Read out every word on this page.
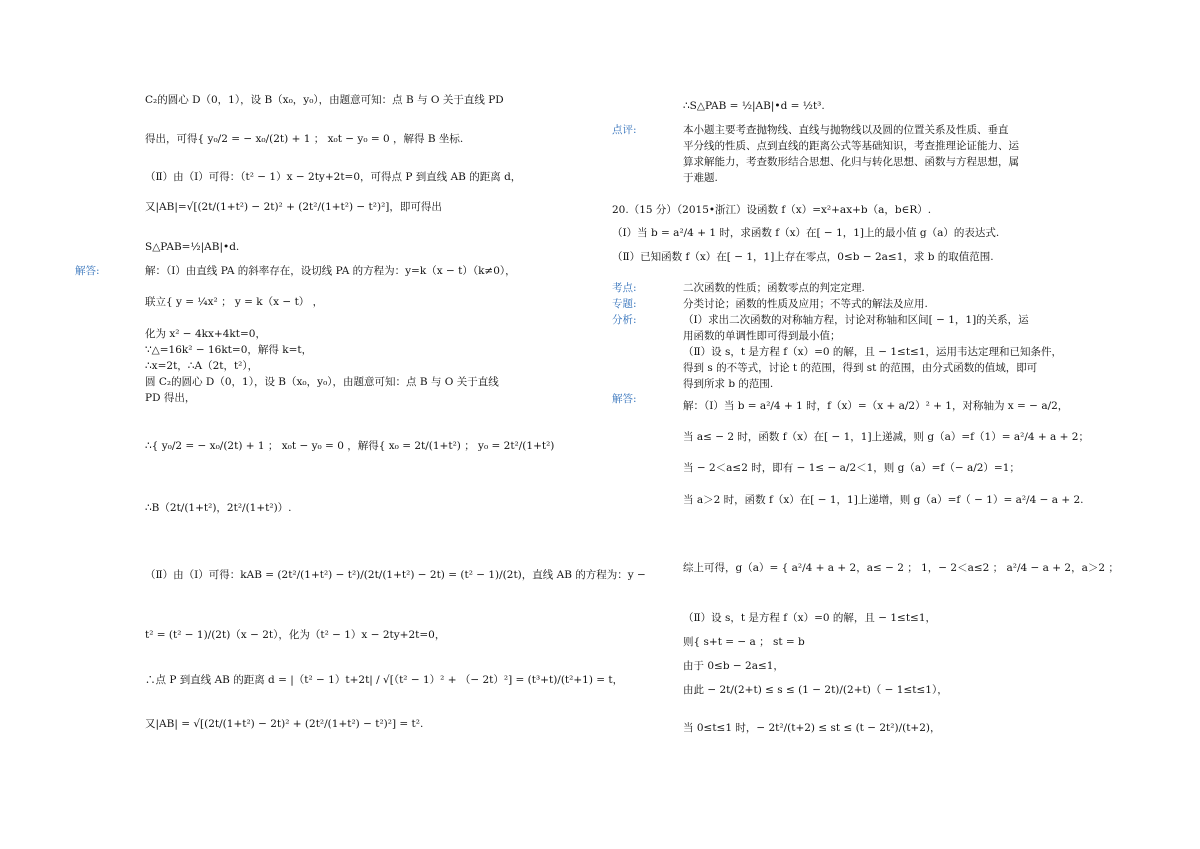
C₂的圆心 D（0，1），设 B（x₀，y₀），由题意可知：点 B 与 O 关于直线 PD
得出，可得{ y₀/2 = − x₀/(2t) + 1 ； x₀t − y₀ = 0 ，解得 B 坐标.
（Ⅱ）由（Ⅰ）可得：（t² − 1）x − 2ty+2t=0，可得点 P 到直线 AB 的距离 d，
又|AB|=√[(2t/(1+t²) − 2t)² + (2t²/(1+t²) − t²)²]，即可得出
S△PAB=½|AB|•d.
解答:	解：（Ⅰ）由直线 PA 的斜率存在，设切线 PA 的方程为：y=k（x − t）（k≠0），
联立{ y = ¼x² ； y = k（x − t） ，
化为 x² − 4kx+4kt=0，
∵△=16k² − 16kt=0，解得 k=t，
∴x=2t，∴A（2t，t²），
圆 C₂的圆心 D（0，1），设 B（x₀，y₀），由题意可知：点 B 与 O 关于直线
PD 得出，
∴{ y₀/2 = − x₀/(2t) + 1 ； x₀t − y₀ = 0 ，解得{ x₀ = 2t/(1+t²) ； y₀ = 2t²/(1+t²)
∴B（2t/(1+t²)，2t²/(1+t²)）.
（Ⅱ）由（Ⅰ）可得：kAB = (2t²/(1+t²) − t²)/(2t/(1+t²) − 2t) = (t² − 1)/(2t)，直线 AB 的方程为：y −
t² = (t² − 1)/(2t)（x − 2t），化为（t² − 1）x − 2ty+2t=0，
∴点 P 到直线 AB 的距离 d = |（t² − 1）t+2t| / √[（t² − 1）² + （− 2t）²] = (t³+t)/(t²+1) = t，
又|AB| = √[(2t/(1+t²) − 2t)² + (2t²/(1+t²) − t²)²] = t².
∴S△PAB = ½|AB|•d = ½t³.
点评:	本小题主要考查抛物线、直线与抛物线以及圆的位置关系及性质、垂直
平分线的性质、点到直线的距离公式等基础知识，考查推理论证能力、运
算求解能力，考查数形结合思想、化归与转化思想、函数与方程思想，属
于难题.
20.（15 分）（2015•浙江）设函数 f（x）=x²+ax+b（a，b∈R）.
（Ⅰ）当 b = a²/4 + 1 时，求函数 f（x）在[ − 1，1]上的最小值 g（a）的表达式.
（Ⅱ）已知函数 f（x）在[ − 1，1]上存在零点，0≤b − 2a≤1，求 b 的取值范围.
考点:	二次函数的性质；函数零点的判定定理.
专题:	分类讨论；函数的性质及应用；不等式的解法及应用.
分析:	（Ⅰ）求出二次函数的对称轴方程，讨论对称轴和区间[ − 1，1]的关系，运
用函数的单调性即可得到最小值；
（Ⅱ）设 s，t 是方程 f（x）=0 的解，且 − 1≤t≤1，运用韦达定理和已知条件，
得到 s 的不等式，讨论 t 的范围，得到 st 的范围，由分式函数的值域，即可
得到所求 b 的范围.
解答:
解：（Ⅰ）当 b = a²/4 + 1 时，f（x）=（x + a/2）² + 1，对称轴为 x = − a/2，
当 a≤ − 2 时，函数 f（x）在[ − 1，1]上递减，则 g（a）=f（1）= a²/4 + a + 2；
当 − 2＜a≤2 时，即有 − 1≤ − a/2＜1，则 g（a）=f（− a/2）=1；
当 a＞2 时，函数 f（x）在[ − 1，1]上递增，则 g（a）=f（ − 1）= a²/4 − a + 2.
综上可得，g（a）= { a²/4 + a + 2，a≤ − 2 ； 1，− 2＜a≤2 ； a²/4 − a + 2，a＞2 ；
（Ⅱ）设 s，t 是方程 f（x）=0 的解，且 − 1≤t≤1，
则{ s+t = − a ； st = b
由于 0≤b − 2a≤1，
由此 − 2t/(2+t) ≤ s ≤ (1 − 2t)/(2+t)（ − 1≤t≤1），
当 0≤t≤1 时，− 2t²/(t+2) ≤ st ≤ (t − 2t²)/(t+2)，
